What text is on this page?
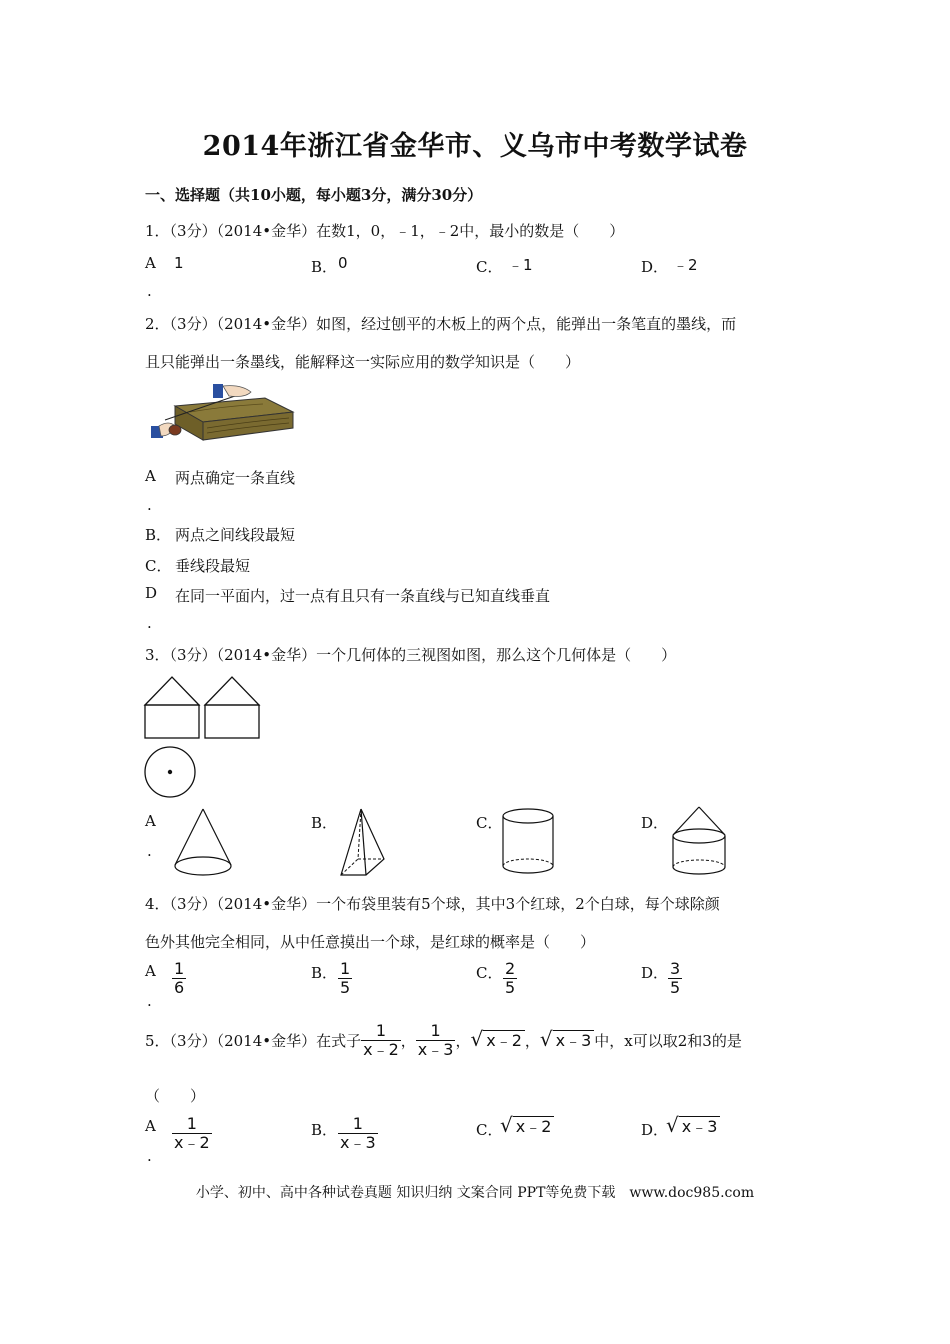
2014年浙江省金华市、义乌市中考数学试卷
一、选择题（共10小题，每小题3分，满分30分）
1．（3分）（2014•金华）在数1，0，﹣1，﹣2中，最小的数是（　　）
A
.
1	B． 0	C． ﹣1	D． ﹣2
2．（3分）（2014•金华）如图，经过刨平的木板上的两个点，能弹出一条笔直的墨线，而
且只能弹出一条墨线，能解释这一实际应用的数学知识是（　　）
A
.
两点确定一条直线
B． 两点之间线段最短
C． 垂线段最短
D
.
在同一平面内，过一点有且只有一条直线与已知直线垂直
3．（3分）（2014•金华）一个几何体的三视图如图，那么这个几何体是（　　）
A
.
B．	C．	D．
4．（3分）（2014•金华）一个布袋里装有5个球，其中3个红球，2个白球，每个球除颜
色外其他完全相同，从中任意摸出一个球，是红球的概率是（　　）
A
.
$\frac{1}{6}$	B． $\frac{1}{5}$	C． $\frac{2}{5}$	D． $\frac{3}{5}$
5．（3分）（2014•金华）在式子 $\frac{1}{x﹣2}$ ， $\frac{1}{x﹣3}$ ， √ x﹣2 ， √ x﹣3 中，x可以取2和3的是
（　　）
A
.
$\frac{1}{x﹣2}$	B． $\frac{1}{x﹣3}$	C．
√ x﹣2	D．
√ x﹣3
小学、初中、高中各种试卷真题 知识归纳 文案合同 PPT等免费下载　www.doc985.com
